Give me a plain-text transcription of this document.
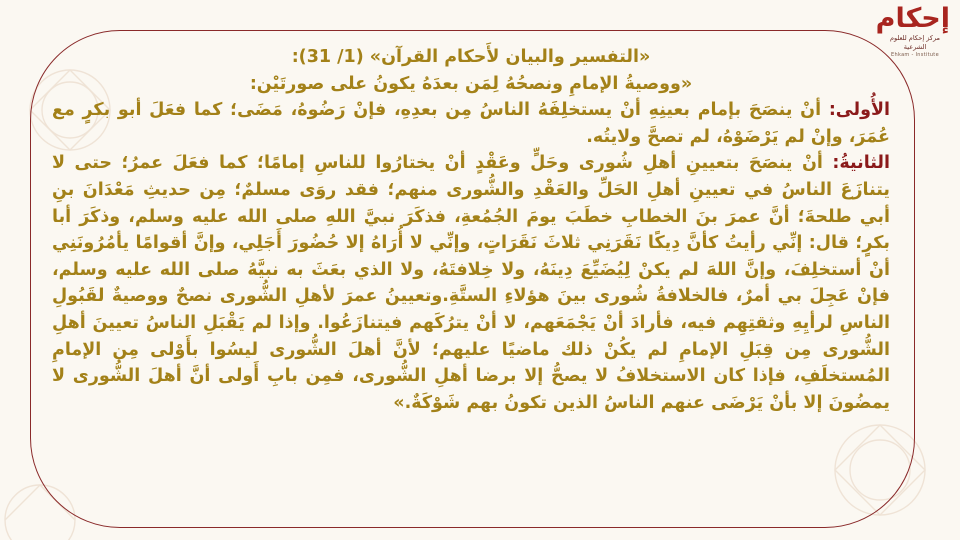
إحكام
مركز إحكام للعلوم الشرعية
Ehkam - Institute

«التفسير والبيان لأَحكام القرآن» (1/ 31):

«ووصيةُ الإمامِ ونصحُهُ لِمَن بعدَهُ يكونُ على صورتَيْن:

الأُولى: أنْ ينصَحَ بإمام بعينِهِ أنْ يستخلِفَهُ الناسُ مِن بعدِهِ، فإنْ رَضُوهُ، مَضَى؛ كما فعَلَ أبو بكرٍ مع عُمَرَ، وإنْ لم يَرْضَوْهُ، لم تصحَّ ولايتُه.

الثانيةُ: أنْ ينصَحَ بتعيينِ أهلِ شُورى وحَلٍّ وعَقْدٍ أنْ يختارُوا للناسِ إمامًا؛ كما فعَلَ عمرُ؛ حتى لا يتنازَعَ الناسُ في تعيينِ أهلِ الحَلِّ والعَقْدِ والشُّورى منهم؛ فقد روَى مسلمٌ؛ مِن حديثِ مَعْدَانَ بنِ أبي طلحةَ؛ أنَّ عمرَ بنَ الخطابِ خطَبَ يومَ الجُمُعةِ، فذكَرَ نبيَّ اللهِ صلى الله عليه وسلم، وذكَرَ أبا بكرٍ؛ قال: إنِّي رأيتُ كأنَّ دِيكًا نَقَرَنِي ثلاثَ نَقَرَاتٍ، وإنِّي لا أُرَاهُ إلا حُضُورَ أَجَلِي، وإنَّ أقوامًا يأمُرُونَنِي أنْ أستخلِفَ، وإنَّ اللهَ لم يكنْ لِيُضَيِّعَ دِينَهُ، ولا خِلافتَهُ، ولا الذي بعَثَ به نبيَّهُ صلى الله عليه وسلم، فإنْ عَجِلَ بي أمرٌ، فالخلافةُ شُورى بينَ هؤلاءِ الستَّةِ.وتعيينُ عمرَ لأهلِ الشُّورى نصحٌ ووصيةٌ لقَبُولِ الناسِ لرأيِهِ وثقتِهِم فيه، فأرادَ أنْ يَجْمَعَهم، لا أنْ يترُكَهم فيتنازَعُوا. وإذا لم يَقْبَلِ الناسُ تعيينَ أهلِ الشُّورى مِن قِبَلِ الإمامِ لم يكُنْ ذلك ماضيًا عليهم؛ لأنَّ أهلَ الشُّورى ليسُوا بأَوْلى مِن الإمامِ المُستخلَفِ، فإذا كان الاستخلافُ لا يصحُّ إلا برضا أهلِ الشُّورى، فمِن بابِ أَولى أنَّ أهلَ الشُّورى لا يمضُونَ إلا بأنْ يَرْضَى عنهم الناسُ الذين تكونُ بهم شَوْكَةٌ.»
